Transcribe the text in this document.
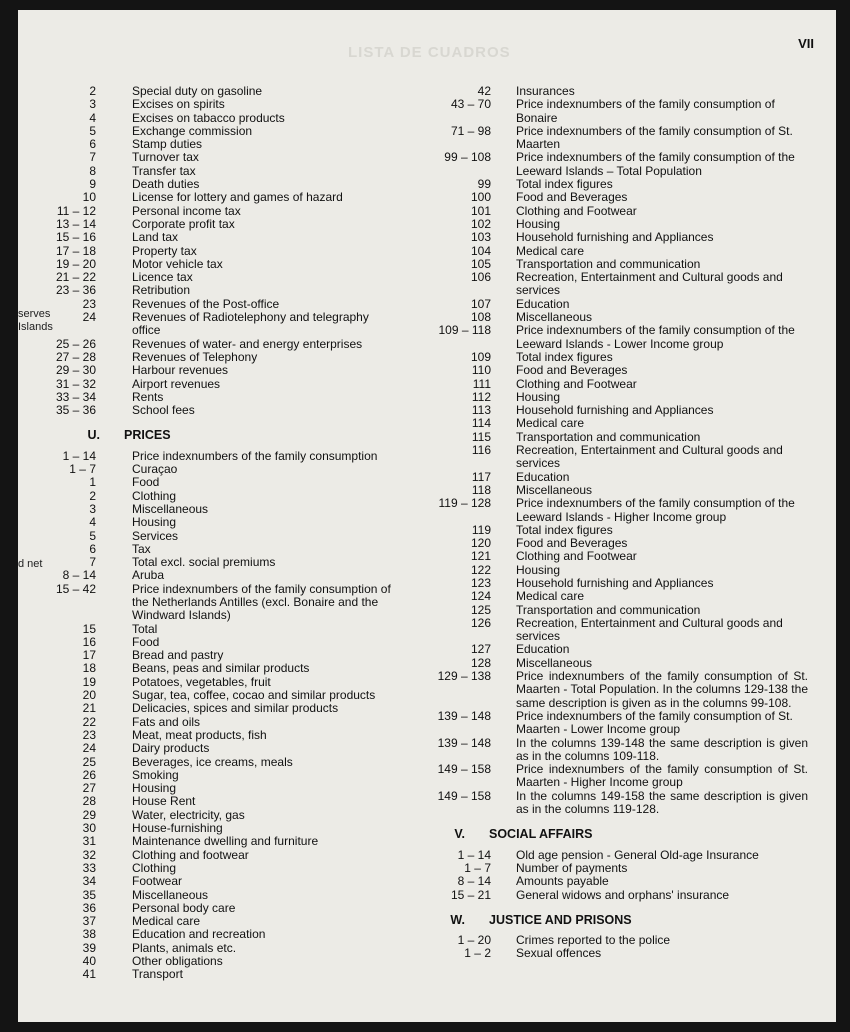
LISTA DE CUADROS
VII
serves
Islands
d net
2	Special duty on gasoline
3	Excises on spirits
4	Excises on tabacco products
5	Exchange commission
6	Stamp duties
7	Turnover tax
8	Transfer tax
9	Death duties
10	License for lottery and games of hazard
11 – 12	Personal income tax
13 – 14	Corporate profit tax
15 – 16	Land tax
17 – 18	Property tax
19 – 20	Motor vehicle tax
21 – 22	Licence tax
23 – 36	Retribution
23	Revenues of the Post-office
24	Revenues of Radiotelephony and telegraphy office
25 – 26	Revenues of water- and energy enterprises
27 – 28	Revenues of Telephony
29 – 30	Harbour revenues
31 – 32	Airport revenues
33 – 34	Rents
35 – 36	School fees
U.	PRICES
1 – 14	Price indexnumbers of the family consumption
1 – 7	Curaçao
1	Food
2	Clothing
3	Miscellaneous
4	Housing
5	Services
6	Tax
7	Total excl. social premiums
8 – 14	Aruba
15 – 42	Price indexnumbers of the family consumption of the Netherlands Antilles (excl. Bonaire and the Windward Islands)
15	Total
16	Food
17	Bread and pastry
18	Beans, peas and similar products
19	Potatoes, vegetables, fruit
20	Sugar, tea, coffee, cocao and similar products
21	Delicacies, spices and similar products
22	Fats and oils
23	Meat, meat products, fish
24	Dairy products
25	Beverages, ice creams, meals
26	Smoking
27	Housing
28	House Rent
29	Water, electricity, gas
30	House-furnishing
31	Maintenance dwelling and furniture
32	Clothing and footwear
33	Clothing
34	Footwear
35	Miscellaneous
36	Personal body care
37	Medical care
38	Education and recreation
39	Plants, animals etc.
40	Other obligations
41	Transport
42	Insurances
43 – 70	Price indexnumbers of the family consumption of Bonaire
71 – 98	Price indexnumbers of the family consumption of St. Maarten
99 – 108	Price indexnumbers of the family consumption of the Leeward Islands – Total Population
99	Total index figures
100	Food and Beverages
101	Clothing and Footwear
102	Housing
103	Household furnishing and Appliances
104	Medical care
105	Transportation and communication
106	Recreation, Entertainment and Cultural goods and services
107	Education
108	Miscellaneous
109 – 118	Price indexnumbers of the family consumption of the Leeward Islands - Lower Income group
109	Total index figures
110	Food and Beverages
111	Clothing and Footwear
112	Housing
113	Household furnishing and Appliances
114	Medical care
115	Transportation and communication
116	Recreation, Entertainment and Cultural goods and services
117	Education
118	Miscellaneous
119 – 128	Price indexnumbers of the family consumption of the Leeward Islands - Higher Income group
119	Total index figures
120	Food and Beverages
121	Clothing and Footwear
122	Housing
123	Household furnishing and Appliances
124	Medical care
125	Transportation and communication
126	Recreation, Entertainment and Cultural goods and services
127	Education
128	Miscellaneous
129 – 138	Price indexnumbers of the family consumption of St. Maarten - Total Population. In the columns 129-138 the same description is given as in the columns 99-108.
139 – 148	Price indexnumbers of the family consumption of St. Maarten - Lower Income group
139 – 148	In the columns 139-148 the same description is given as in the columns 109-118.
149 – 158	Price indexnumbers of the family consumption of St. Maarten - Higher Income group
149 – 158	In the columns 149-158 the same description is given as in the columns 119-128.
V.	SOCIAL AFFAIRS
1 – 14	Old age pension - General Old-age Insurance
1 – 7	Number of payments
8 – 14	Amounts payable
15 – 21	General widows and orphans' insurance
W.	JUSTICE AND PRISONS
1 – 20	Crimes reported to the police
1 – 2	Sexual offences
